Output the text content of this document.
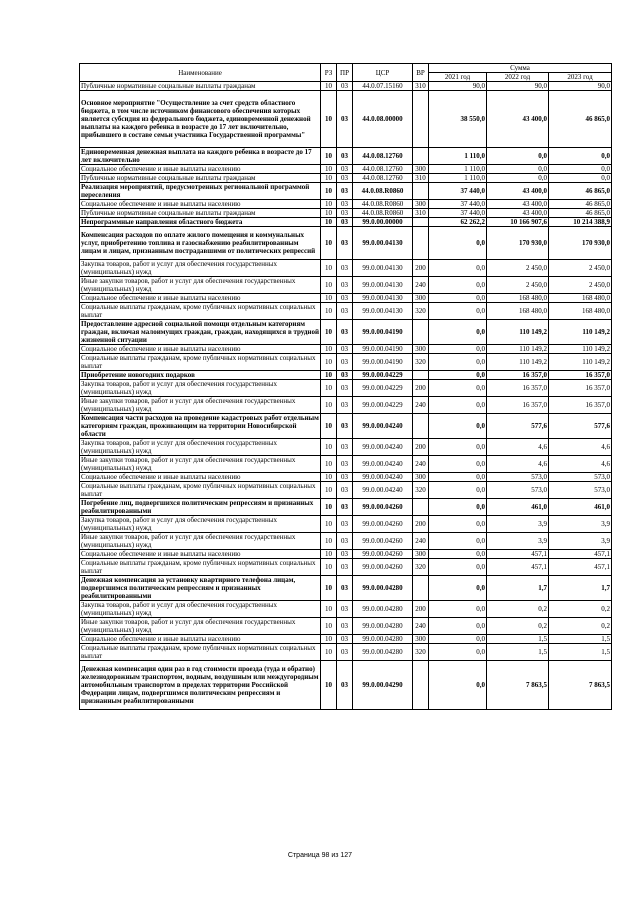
Наименование	РЗ	ПР	ЦСР	ВР	Сумма		
					2021 год	2022 год	2023 год
Публичные нормативные социальные выплаты гражданам	10	03	44.0.07.15160	310	90,0	90,0	90,0
Основное мероприятие "Осуществление за счет средств областного бюджета, в том числе источником финансового обеспечения которых является субсидия из федерального бюджета, единовременной денежной выплаты на каждого ребенка в возрасте до 17 лет включительно, прибывшего в составе семьи участника Государственной программы"	10	03	44.0.08.00000		38 550,0	43 400,0	46 865,0
Единовременная денежная выплата на каждого ребенка в возрасте до 17 лет включительно	10	03	44.0.08.12760		1 110,0	0,0	0,0
Социальное обеспечение и иные выплаты населению	10	03	44.0.08.12760	300	1 110,0	0,0	0,0
Публичные нормативные социальные выплаты гражданам	10	03	44.0.08.12760	310	1 110,0	0,0	0,0
Реализация мероприятий, предусмотренных региональной программой переселения	10	03	44.0.08.R0860		37 440,0	43 400,0	46 865,0
Социальное обеспечение и иные выплаты населению	10	03	44.0.08.R0860	300	37 440,0	43 400,0	46 865,0
Публичные нормативные социальные выплаты гражданам	10	03	44.0.08.R0860	310	37 440,0	43 400,0	46 865,0
Непрограммные направления областного бюджета	10	03	99.0.00.00000		62 262,2	10 166 907,6	10 214 388,9
Компенсация расходов по оплате жилого помещения и коммунальных услуг, приобретению топлива и газоснабжению реабилитированным лицам и лицам, признанным пострадавшими от политических репрессий	10	03	99.0.00.04130		0,0	170 930,0	170 930,0
Закупка товаров, работ и услуг для обеспечения государственных (муниципальных) нужд	10	03	99.0.00.04130	200	0,0	2 450,0	2 450,0
Иные закупки товаров, работ и услуг для обеспечения государственных (муниципальных) нужд	10	03	99.0.00.04130	240	0,0	2 450,0	2 450,0
Социальное обеспечение и иные выплаты населению	10	03	99.0.00.04130	300	0,0	168 480,0	168 480,0
Социальные выплаты гражданам, кроме публичных нормативных социальных выплат	10	03	99.0.00.04130	320	0,0	168 480,0	168 480,0
Предоставление адресной социальной помощи отдельным категориям граждан, включая малоимущих граждан, граждан, находящихся в трудной жизненной ситуации	10	03	99.0.00.04190		0,0	110 149,2	110 149,2
Социальное обеспечение и иные выплаты населению	10	03	99.0.00.04190	300	0,0	110 149,2	110 149,2
Социальные выплаты гражданам, кроме публичных нормативных социальных выплат	10	03	99.0.00.04190	320	0,0	110 149,2	110 149,2
Приобретение новогодних подарков	10	03	99.0.00.04229		0,0	16 357,0	16 357,0
Закупка товаров, работ и услуг для обеспечения государственных (муниципальных) нужд	10	03	99.0.00.04229	200	0,0	16 357,0	16 357,0
Иные закупки товаров, работ и услуг для обеспечения государственных (муниципальных) нужд	10	03	99.0.00.04229	240	0,0	16 357,0	16 357,0
Компенсация части расходов на проведение кадастровых работ отдельным категориям граждан, проживающим на территории Новосибирской области	10	03	99.0.00.04240		0,0	577,6	577,6
Закупка товаров, работ и услуг для обеспечения государственных (муниципальных) нужд	10	03	99.0.00.04240	200	0,0	4,6	4,6
Иные закупки товаров, работ и услуг для обеспечения государственных (муниципальных) нужд	10	03	99.0.00.04240	240	0,0	4,6	4,6
Социальное обеспечение и иные выплаты населению	10	03	99.0.00.04240	300	0,0	573,0	573,0
Социальные выплаты гражданам, кроме публичных нормативных социальных выплат	10	03	99.0.00.04240	320	0,0	573,0	573,0
Погребение лиц, подвергшихся политическим репрессиям и признанных реабилитированными	10	03	99.0.00.04260		0,0	461,0	461,0
Закупка товаров, работ и услуг для обеспечения государственных (муниципальных) нужд	10	03	99.0.00.04260	200	0,0	3,9	3,9
Иные закупки товаров, работ и услуг для обеспечения государственных (муниципальных) нужд	10	03	99.0.00.04260	240	0,0	3,9	3,9
Социальное обеспечение и иные выплаты населению	10	03	99.0.00.04260	300	0,0	457,1	457,1
Социальные выплаты гражданам, кроме публичных нормативных социальных выплат	10	03	99.0.00.04260	320	0,0	457,1	457,1
Денежная компенсация за установку квартирного телефона лицам, подвергшимся политическим репрессиям и признанных реабилитированными	10	03	99.0.00.04280		0,0	1,7	1,7
Закупка товаров, работ и услуг для обеспечения государственных (муниципальных) нужд	10	03	99.0.00.04280	200	0,0	0,2	0,2
Иные закупки товаров, работ и услуг для обеспечения государственных (муниципальных) нужд	10	03	99.0.00.04280	240	0,0	0,2	0,2
Социальное обеспечение и иные выплаты населению	10	03	99.0.00.04280	300	0,0	1,5	1,5
Социальные выплаты гражданам, кроме публичных нормативных социальных выплат	10	03	99.0.00.04280	320	0,0	1,5	1,5
Денежная компенсация один раз в год стоимости проезда (туда и обратно) железнодорожным транспортом, водным, воздушным или междугородным автомобильным транспортом в пределах территории Российской Федерации лицам, подвергшимся политическим репрессиям и признанным реабилитированными	10	03	99.0.00.04290		0,0	7 863,5	7 863,5
Страница 98 из 127
